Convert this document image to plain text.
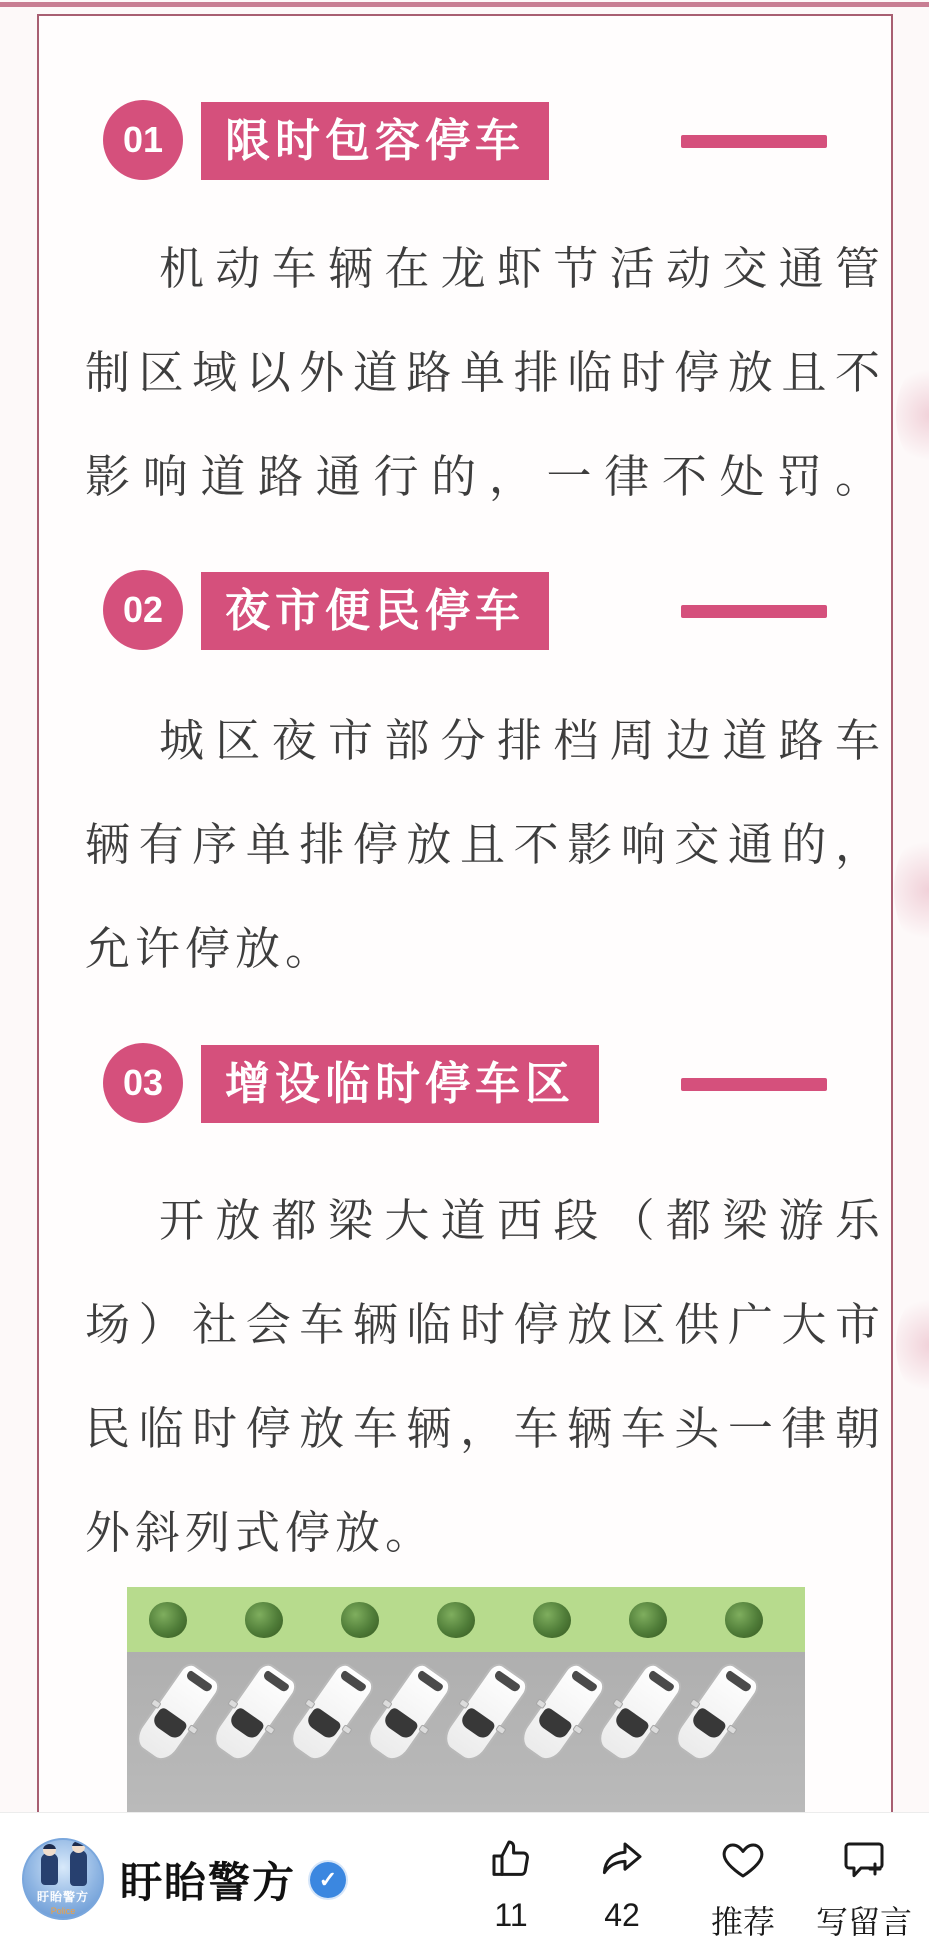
01	限时包容停车
机动车辆在龙虾节活动交通管
制区域以外道路单排临时停放且不
影响道路通行的，一律不处罚。
02	夜市便民停车
城区夜市部分排档周边道路车
辆有序单排停放且不影响交通的，
允许停放。
03	增设临时停车区
开放都梁大道西段（都梁游乐
场）社会车辆临时停放区供广大市
民临时停放车辆，车辆车头一律朝
外斜列式停放。
盱眙警方
Police
盱眙警方	✓
11	42	推荐	写留言
